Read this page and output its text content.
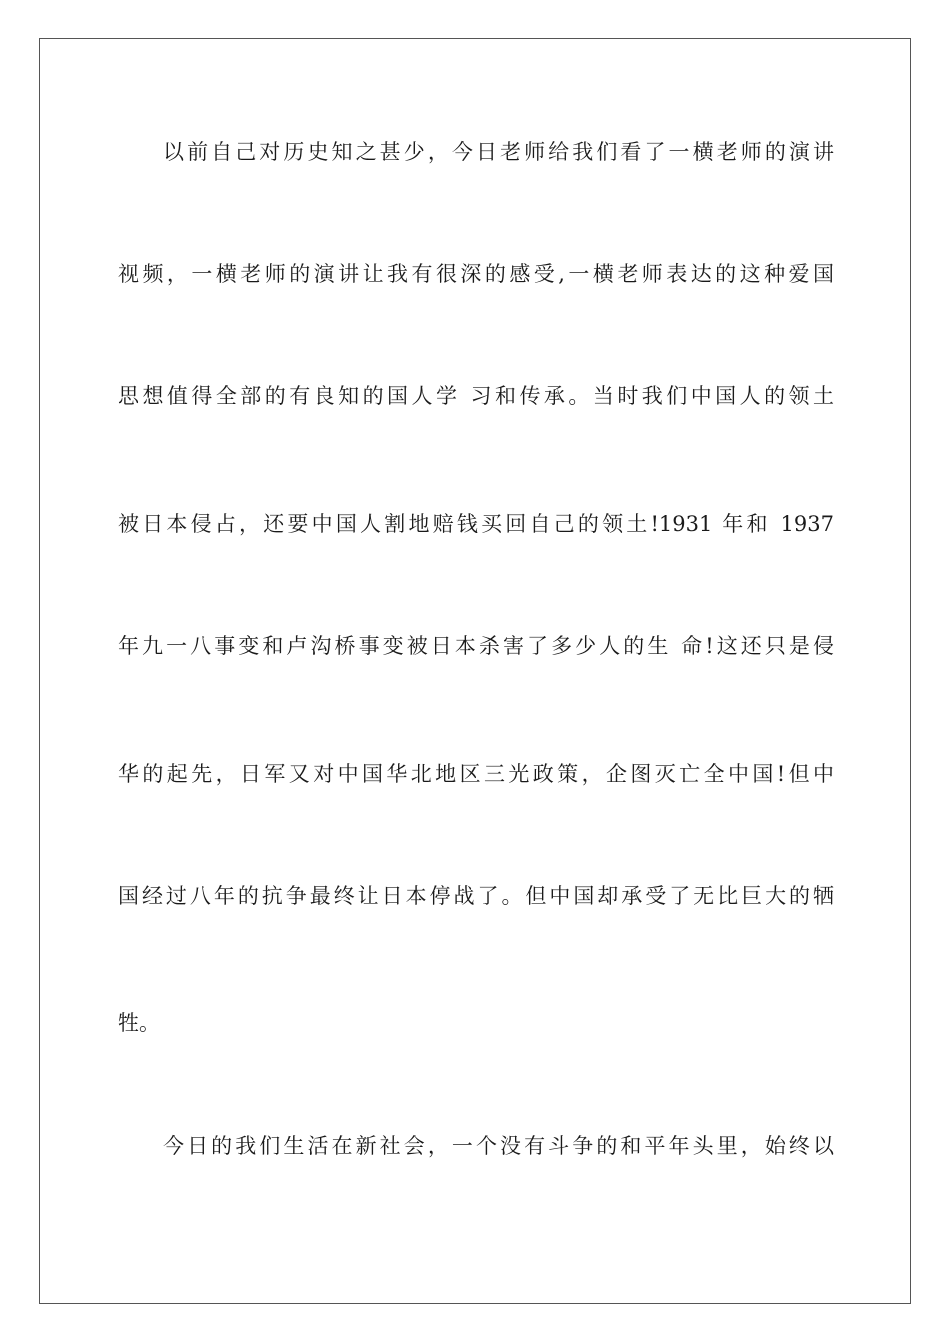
以前自己对历史知之甚少，今日老师给我们看了一横老师的演讲
视频，一横老师的演讲让我有很深的感受,一横老师表达的这种爱国
思想值得全部的有良知的国人学 习和传承。当时我们中国人的领土
被日本侵占，还要中国人割地赔钱买回自己的领土!1931 年和 1937
年九一八事变和卢沟桥事变被日本杀害了多少人的生 命!这还只是侵
华的起先，日军又对中国华北地区三光政策，企图灭亡全中国!但中
国经过八年的抗争最终让日本停战了。但中国却承受了无比巨大的牺
牲。
今日的我们生活在新社会，一个没有斗争的和平年头里，始终以
